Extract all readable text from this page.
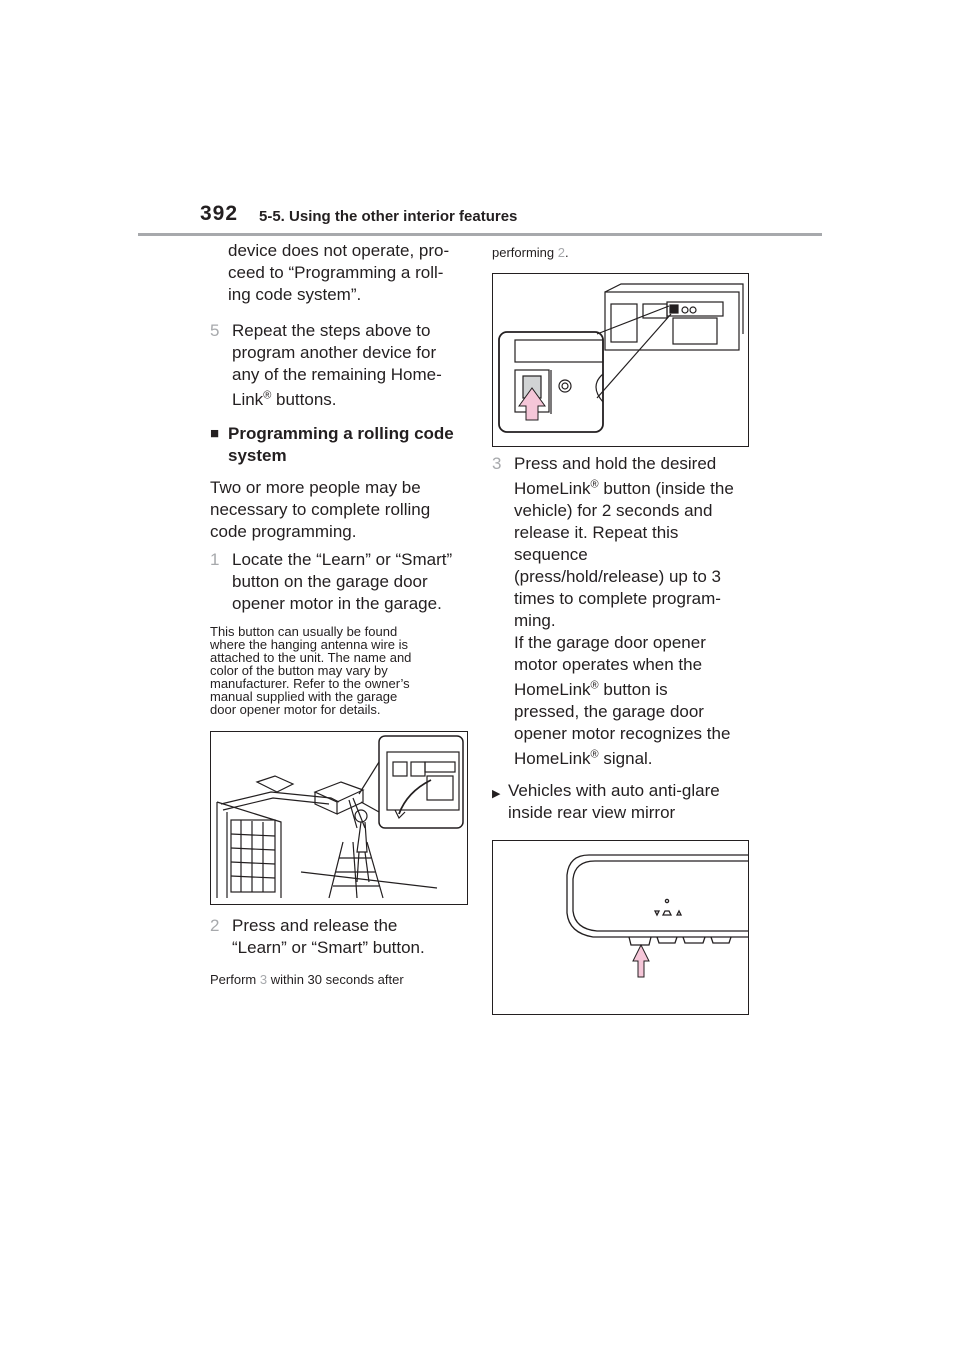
392 5-5. Using the other interior features
device does not operate, pro-
ceed to “Programming a roll-
ing code system”.
5 Repeat the steps above to
program another device for
any of the remaining Home-
Link® buttons.
■ Programming a rolling code
system
Two or more people may be
necessary to complete rolling
code programming.
1 Locate the “Learn” or “Smart”
button on the garage door
opener motor in the garage.
This button can usually be found
where the hanging antenna wire is
attached to the unit. The name and
color of the button may vary by
manufacturer. Refer to the owner’s
manual supplied with the garage
door opener motor for details.
2 Press and release the
“Learn” or “Smart” button.
Perform 3 within 30 seconds after
performing 2.
3 Press and hold the desired
HomeLink® button (inside the
vehicle) for 2 seconds and
release it. Repeat this
sequence
(press/hold/release) up to 3
times to complete program-
ming.
If the garage door opener
motor operates when the
HomeLink® button is
pressed, the garage door
opener motor recognizes the
HomeLink® signal.
▶ Vehicles with auto anti-glare
inside rear view mirror
